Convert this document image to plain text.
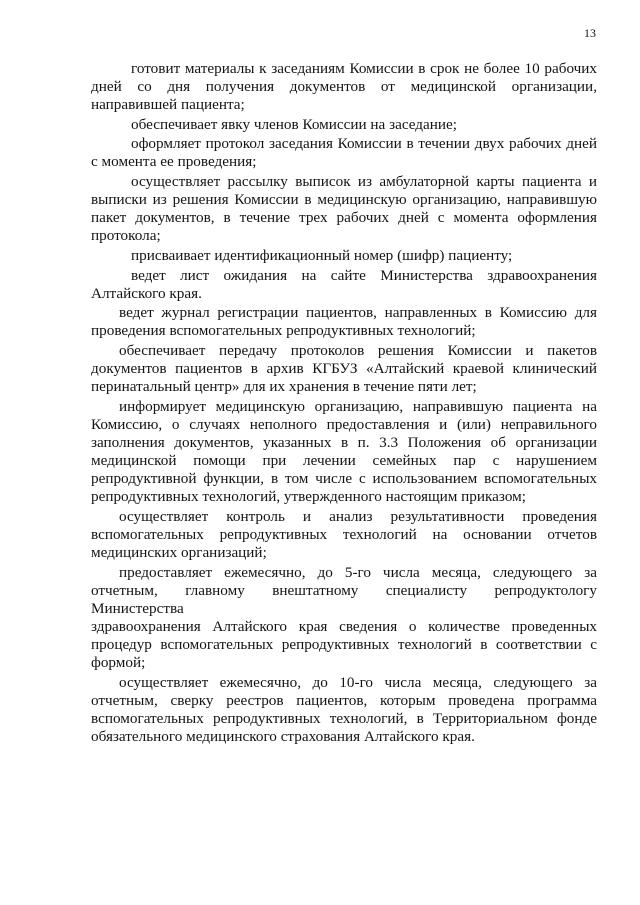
13
готовит материалы к заседаниям Комиссии в срок не более 10 рабочих
дней со дня получения документов от медицинской организации,
направившей пациента;
обеспечивает явку членов Комиссии на заседание;
оформляет протокол заседания Комиссии в течении двух рабочих дней
с момента ее проведения;
осуществляет рассылку выписок из амбулаторной карты пациента и
выписки из решения Комиссии в медицинскую организацию, направившую
пакет документов, в течение трех рабочих дней с момента оформления
протокола;
присваивает идентификационный номер (шифр) пациенту;
ведет лист ожидания на сайте Министерства здравоохранения
Алтайского края.
ведет журнал регистрации пациентов, направленных в Комиссию для
проведения вспомогательных репродуктивных технологий;
обеспечивает передачу протоколов решения Комиссии и пакетов
документов пациентов в архив КГБУЗ «Алтайский краевой клинический
перинатальный центр» для их хранения в течение пяти лет;
информирует медицинскую организацию, направившую пациента на
Комиссию, о случаях неполного предоставления и (или) неправильного
заполнения документов, указанных в п. 3.3 Положения об организации
медицинской помощи при лечении семейных пар с нарушением
репродуктивной функции, в том числе с использованием вспомогательных
репродуктивных технологий, утвержденного настоящим приказом;
осуществляет контроль и анализ результативности проведения
вспомогательных репродуктивных технологий на основании отчетов
медицинских организаций;
предоставляет ежемесячно, до 5-го числа месяца, следующего за
отчетным, главному внештатному специалисту репродуктологу Министерства
здравоохранения Алтайского края сведения о количестве проведенных
процедур вспомогательных репродуктивных технологий в соответствии с
формой;
осуществляет ежемесячно, до 10-го числа месяца, следующего за
отчетным, сверку реестров пациентов, которым проведена программа
вспомогательных репродуктивных технологий, в Территориальном фонде
обязательного медицинского страхования Алтайского края.
